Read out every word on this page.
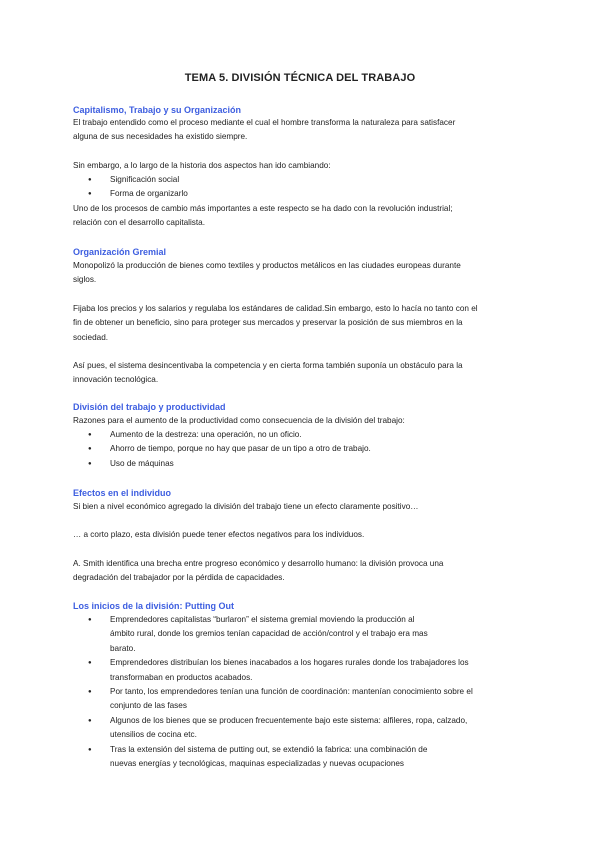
TEMA 5. DIVISIÓN TÉCNICA DEL TRABAJO
Capitalismo, Trabajo y su Organización
El trabajo entendido como el proceso mediante el cual el hombre transforma la naturaleza para satisfacer
alguna de sus necesidades ha existido siempre.
Sin embargo, a lo largo de la historia dos aspectos han ido cambiando:
● Significación social
● Forma de organizarlo
Uno de los procesos de cambio más importantes a este respecto se ha dado con la revolución industrial;
relación con el desarrollo capitalista.
Organización Gremial
Monopolizó la producción de bienes como textiles y productos metálicos en las ciudades europeas durante
siglos.
Fijaba los precios y los salarios y regulaba los estándares de calidad.Sin embargo, esto lo hacía no tanto con el
fin de obtener un beneficio, sino para proteger sus mercados y preservar la posición de sus miembros en la
sociedad.
Así pues, el sistema desincentivaba la competencia y en cierta forma también suponía un obstáculo para la
innovación tecnológica.
División del trabajo y productividad
Razones para el aumento de la productividad como consecuencia de la división del trabajo:
● Aumento de la destreza: una operación, no un oficio.
● Ahorro de tiempo, porque no hay que pasar de un tipo a otro de trabajo.
● Uso de máquinas
Efectos en el individuo
Si bien a nivel económico agregado la división del trabajo tiene un efecto claramente positivo…
… a corto plazo, esta división puede tener efectos negativos para los individuos.
A. Smith identifica una brecha entre progreso económico y desarrollo humano: la división provoca una
degradación del trabajador por la pérdida de capacidades.
Los inicios de la división: Putting Out
● Emprendedores capitalistas “burlaron” el sistema gremial moviendo la producción al
ámbito rural, donde los gremios tenían capacidad de acción/control y el trabajo era mas
barato.
● Emprendedores distribuían los bienes inacabados a los hogares rurales donde los trabajadores los
transformaban en productos acabados.
● Por tanto, los emprendedores tenían una función de coordinación: mantenían conocimiento sobre el
conjunto de las fases
● Algunos de los bienes que se producen frecuentemente bajo este sistema: alfileres, ropa, calzado,
utensilios de cocina etc.
● Tras la extensión del sistema de putting out, se extendió la fabrica: una combinación de
nuevas energías y tecnológicas, maquinas especializadas y nuevas ocupaciones
